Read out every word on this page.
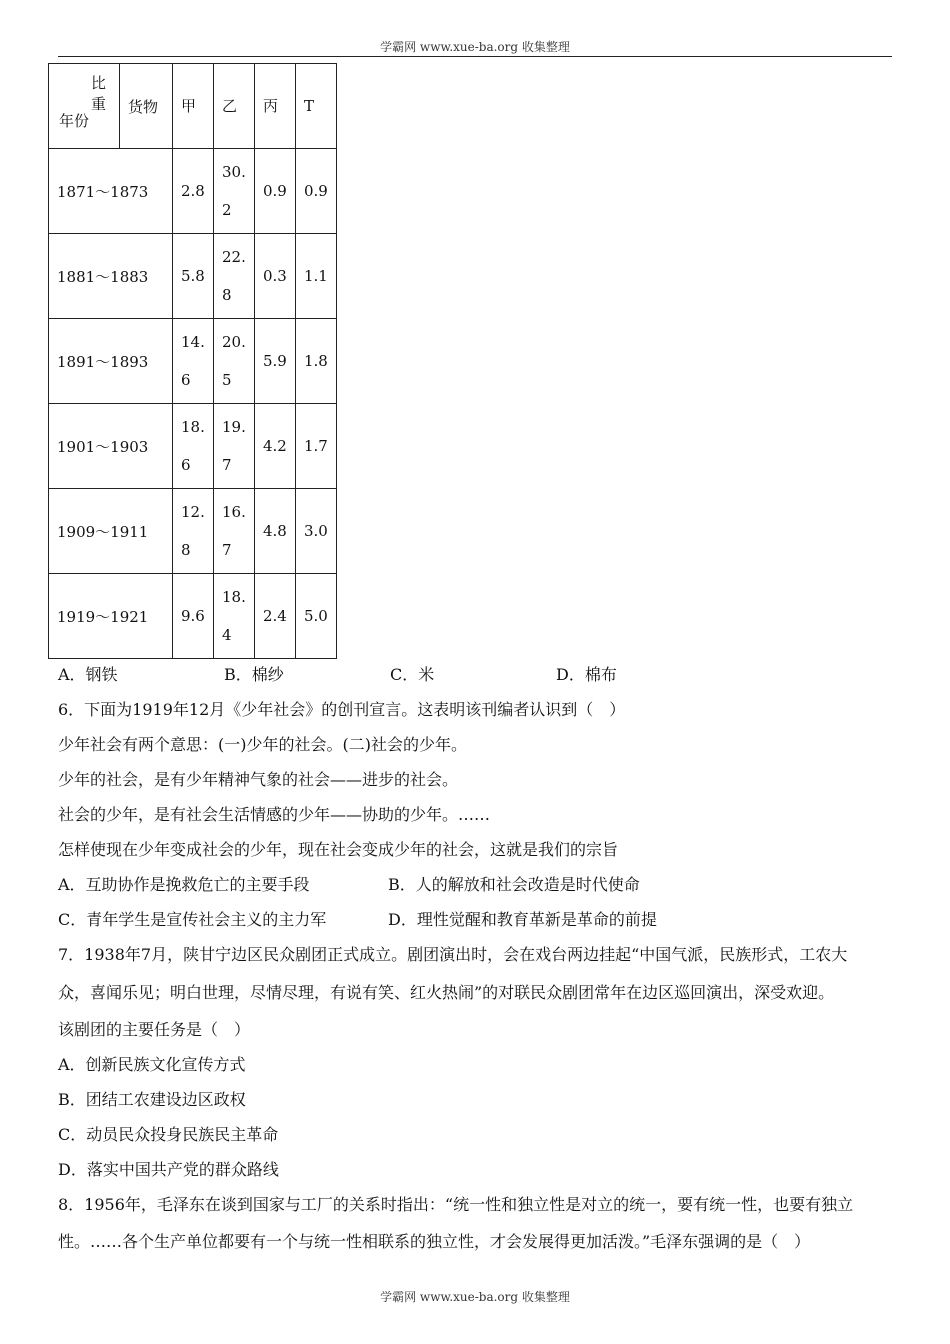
学霸网 www.xue-ba.org 收集整理
比重
年份	货物	甲	乙	丙	T
1871～1873		2.8	30.2	0.9	0.9
1881～1883		5.8	22.8	0.3	1.1
1891～1893		14.6	20.5	5.9	1.8
1901～1903		18.6	19.7	4.2	1.7
1909～1911		12.8	16.7	4.8	3.0
1919～1921		9.6	18.4	2.4	5.0
A．钢铁	B．棉纱	C．米	D．棉布
6．下面为1919年12月《少年社会》的创刊宣言。这表明该刊编者认识到（　）
少年社会有两个意思：(一)少年的社会。(二)社会的少年。
少年的社会，是有少年精神气象的社会——进步的社会。
社会的少年，是有社会生活情感的少年——协助的少年。……
怎样使现在少年变成社会的少年，现在社会变成少年的社会，这就是我们的宗旨
A．互助协作是挽救危亡的主要手段	B．人的解放和社会改造是时代使命
C．青年学生是宣传社会主义的主力军	D．理性觉醒和教育革新是革命的前提
7．1938年7月，陕甘宁边区民众剧团正式成立。剧团演出时，会在戏台两边挂起“中国气派，民族形式，工农大
众，喜闻乐见；明白世理，尽情尽理，有说有笑、红火热闹”的对联民众剧团常年在边区巡回演出，深受欢迎。
该剧团的主要任务是（　）
A．创新民族文化宣传方式
B．团结工农建设边区政权
C．动员民众投身民族民主革命
D．落实中国共产党的群众路线
8．1956年，毛泽东在谈到国家与工厂的关系时指出：“统一性和独立性是对立的统一，要有统一性，也要有独立
性。……各个生产单位都要有一个与统一性相联系的独立性，才会发展得更加活泼。”毛泽东强调的是（　）
学霸网 www.xue-ba.org 收集整理
